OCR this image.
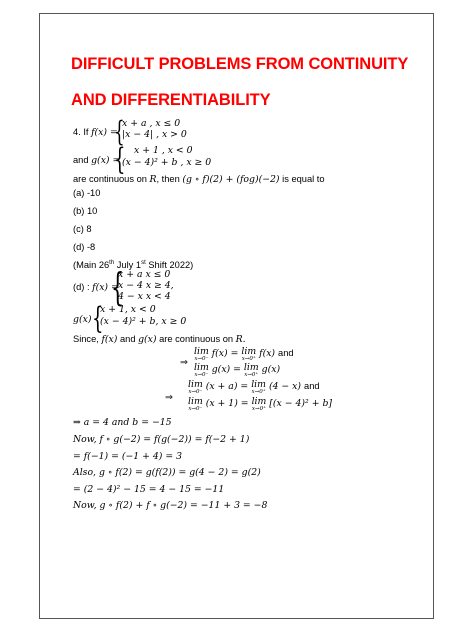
DIFFICULT PROBLEMS FROM CONTINUITY
AND DIFFERENTIABILITY
4. If f(x) =
{
x + a , x ≤ 0
|x − 4| , x > 0
and g(x) =
{ x + 1 , x < 0
(x − 4)² + b , x ≥ 0
are continuous on R, then (g ∘ f)(2) + (fog)(−2) is equal to
(a) -10
(b) 10
(c) 8
(d) -8
(Main 26th July 1st Shift 2022)
(d) : f(x) =
{
x + a x ≤ 0
x − 4 x ≥ 4,
4 − x x < 4
g(x) {
x + 1, x < 0
(x − 4)² + b, x ≥ 0
Since, f(x) and g(x) are continuous on R.
⇒
lim
x→0⁻ f(x) = lim
x→0⁺ f(x) and
lim
x→0⁻ g(x) = lim
x→0⁺ g(x)
⇒
lim
x→0⁻ (x + a) = lim
x→0⁺ (4 − x) and
lim
x→0⁻ (x + 1) = lim
x→0⁺ [(x − 4)² + b]
⇒ a = 4 and b = −15
Now, f ∘ g(−2) = f(g(−2)) = f(−2 + 1)
= f(−1) = (−1 + 4) = 3
Also, g ∘ f(2) = g(f(2)) = g(4 − 2) = g(2)
= (2 − 4)² − 15 = 4 − 15 = −11
Now, g ∘ f(2) + f ∘ g(−2) = −11 + 3 = −8
